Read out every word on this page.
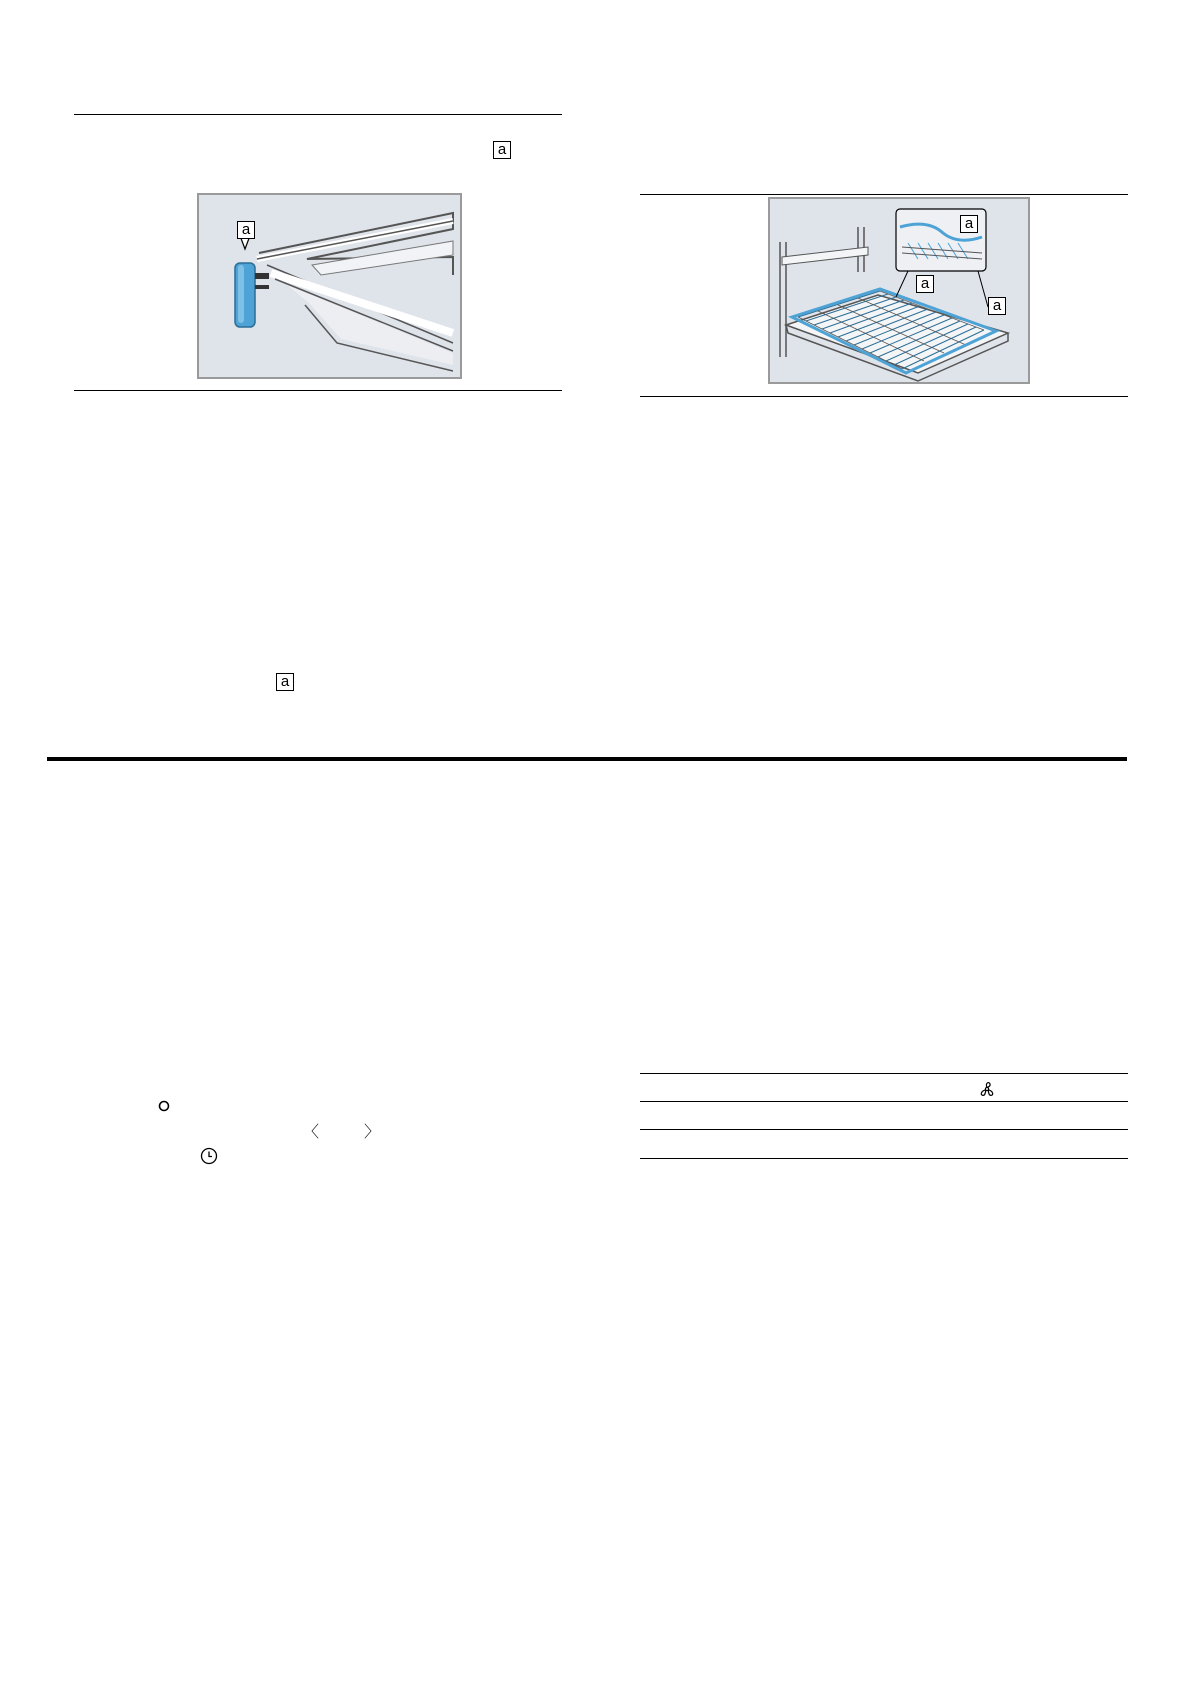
a
a	a
a
a
a
〈	〉
